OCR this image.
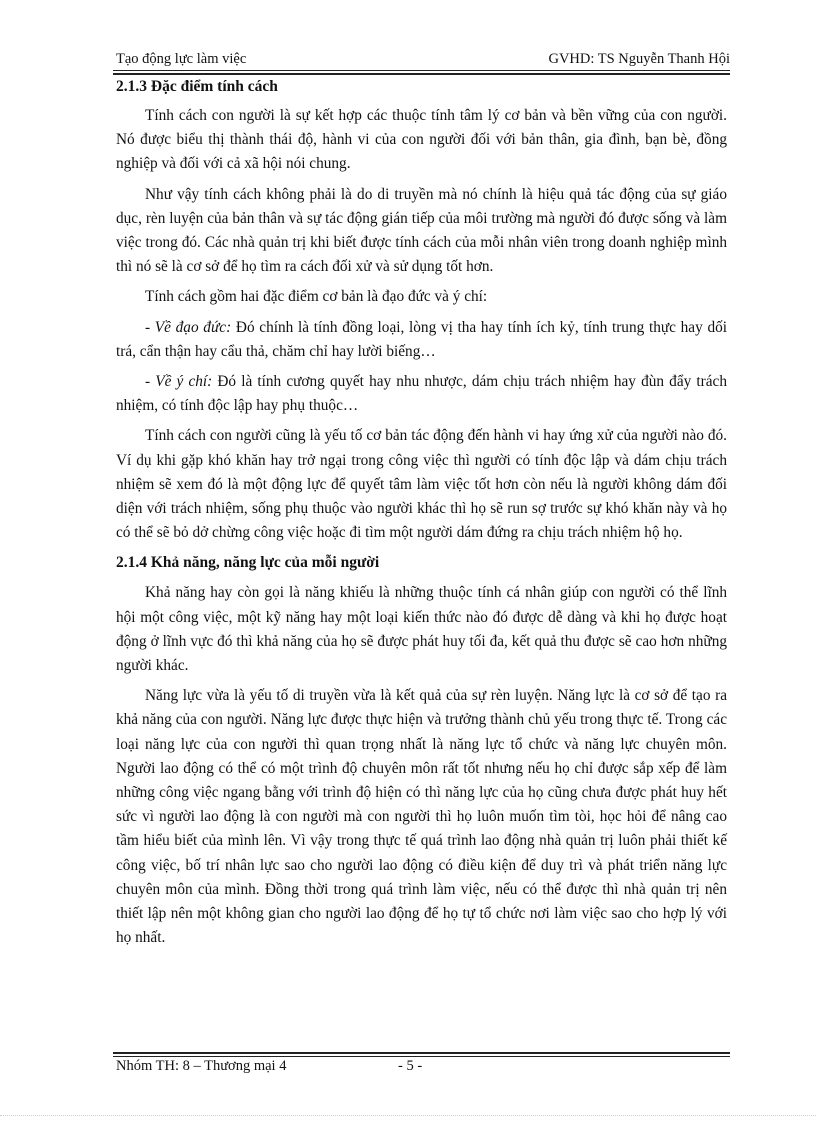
Tạo động lực làm việc	GVHD: TS Nguyễn Thanh Hội
2.1.3 Đặc điểm tính cách

Tính cách con người là sự kết hợp các thuộc tính tâm lý cơ bản và bền vững của con người. Nó được biểu thị thành thái độ, hành vi của con người đối với bản thân, gia đình, bạn bè, đồng nghiệp và đối với cả xã hội nói chung.

Như vậy tính cách không phải là do di truyền mà nó chính là hiệu quả tác động của sự giáo dục, rèn luyện của bản thân và sự tác động gián tiếp của môi trường mà người đó được sống và làm việc trong đó. Các nhà quản trị khi biết được tính cách của mỗi nhân viên trong doanh nghiệp mình thì nó sẽ là cơ sở để họ tìm ra cách đối xử và sử dụng tốt hơn.

Tính cách gồm hai đặc điểm cơ bản là đạo đức và ý chí:

- Về đạo đức: Đó chính là tính đồng loại, lòng vị tha hay tính ích kỷ, tính trung thực hay dối trá, cẩn thận hay cẩu thả, chăm chỉ hay lười biếng…

- Về ý chí: Đó là tính cương quyết hay nhu nhược, dám chịu trách nhiệm hay đùn đẩy trách nhiệm, có tính độc lập hay phụ thuộc…

Tính cách con người cũng là yếu tố cơ bản tác động đến hành vi hay ứng xử của người nào đó. Ví dụ khi gặp khó khăn hay trở ngại trong công việc thì người có tính độc lập và dám chịu trách nhiệm sẽ xem đó là một động lực để quyết tâm làm việc tốt hơn còn nếu là người không dám đối diện với trách nhiệm, sống phụ thuộc vào người khác thì họ sẽ run sợ trước sự khó khăn này và họ có thể sẽ bỏ dở chừng công việc hoặc đi tìm một người dám đứng ra chịu trách nhiệm hộ họ.

2.1.4 Khả năng, năng lực của mỗi người

Khả năng hay còn gọi là năng khiếu là những thuộc tính cá nhân giúp con người có thể lĩnh hội một công việc, một kỹ năng hay một loại kiến thức nào đó được dễ dàng và khi họ được hoạt động ở lĩnh vực đó thì khả năng của họ sẽ được phát huy tối đa, kết quả thu được sẽ cao hơn những người khác.

Năng lực vừa là yếu tố di truyền vừa là kết quả của sự rèn luyện. Năng lực là cơ sở để tạo ra khả năng của con người. Năng lực được thực hiện và trưởng thành chủ yếu trong thực tế. Trong các loại năng lực của con người thì quan trọng nhất là năng lực tổ chức và năng lực chuyên môn. Người lao động có thể có một trình độ chuyên môn rất tốt nhưng nếu họ chỉ được sắp xếp để làm những công việc ngang bằng với trình độ hiện có thì năng lực của họ cũng chưa được phát huy hết sức vì người lao động là con người mà con người thì họ luôn muốn tìm tòi, học hỏi để nâng cao tầm hiểu biết của mình lên. Vì vậy trong thực tế quá trình lao động nhà quản trị luôn phải thiết kế công việc, bố trí nhân lực sao cho người lao động có điều kiện để duy trì và phát triển năng lực chuyên môn của mình. Đồng thời trong quá trình làm việc, nếu có thể được thì nhà quản trị nên thiết lập nên một không gian cho người lao động để họ tự tổ chức nơi làm việc sao cho hợp lý với họ nhất.

Nhóm TH: 8 – Thương mại 4	- 5 -
